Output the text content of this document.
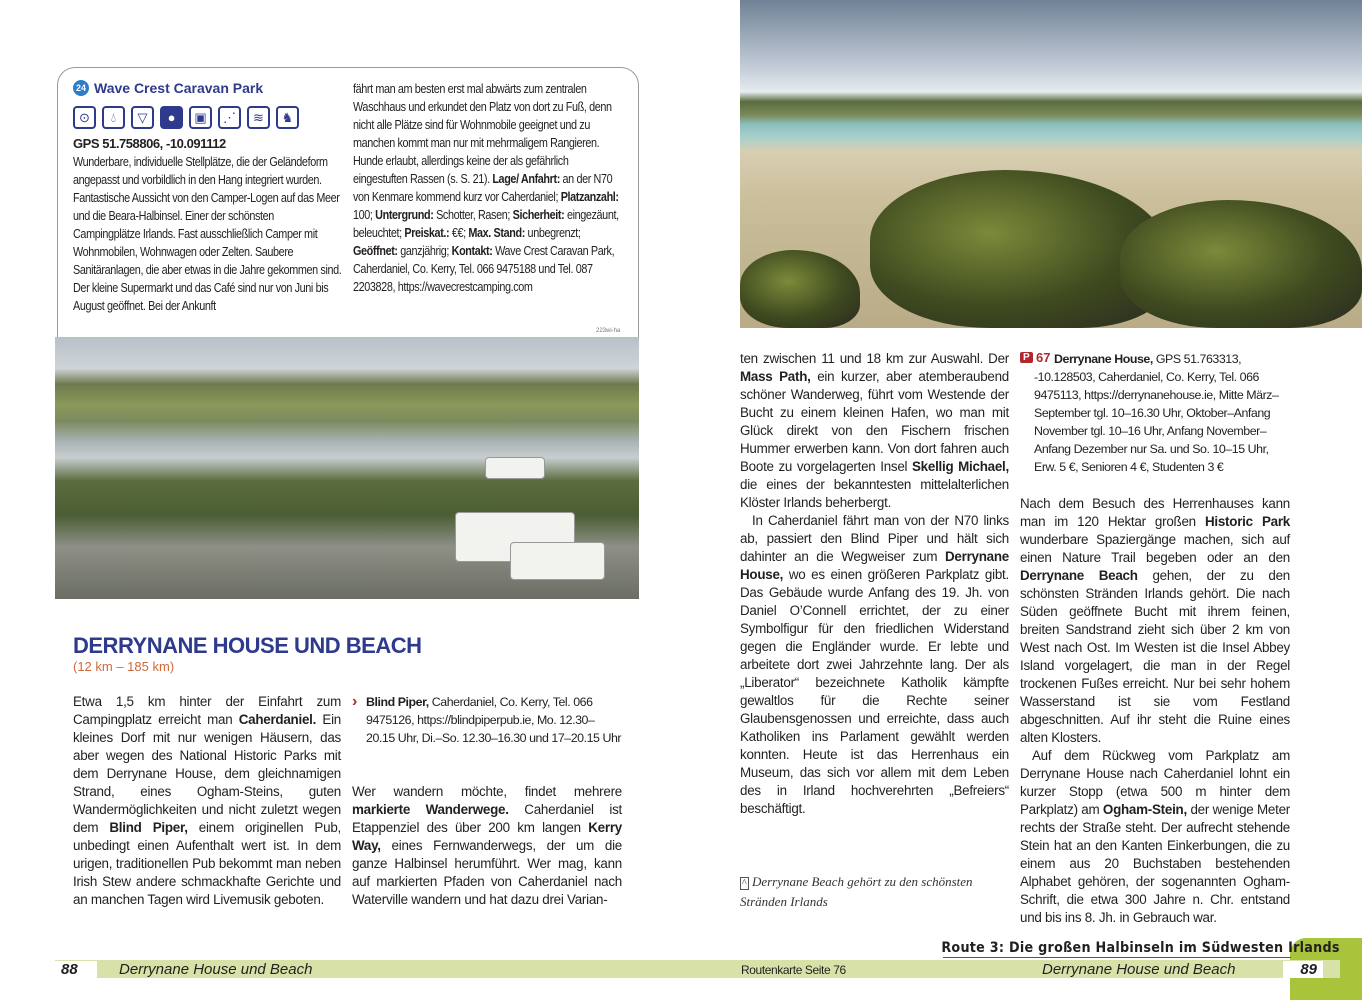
24 Wave Crest Caravan Park
⊙	💧︎	▽	●	▣	⋰	≋	♞
GPS 51.758806, -10.091112
Wunderbare, individuelle Stellplätze, die der Geländeform angepasst und vorbildlich in den Hang integriert wurden. Fantastische Aussicht von den Camper-Logen auf das Meer und die Beara-Halbinsel. Einer der schönsten Campingplätze Irlands. Fast ausschließlich Camper mit Wohnmobilen, Wohnwagen oder Zelten. Saubere Sanitäranlagen, die aber etwas in die Jahre gekommen sind. Der kleine Supermarkt und das Café sind nur von Juni bis August geöffnet. Bei der Ankunft
fährt man am besten erst mal abwärts zum zentralen Waschhaus und erkundet den Platz von dort zu Fuß, denn nicht alle Plätze sind für Wohnmobile geeignet und zu manchen kommt man nur mit mehrmaligem Rangieren. Hunde erlaubt, allerdings keine der als gefährlich eingestuften Rassen (s. S. 21). Lage/ Anfahrt: an der N70 von Kenmare kommend kurz vor Caherdaniel; Platzanzahl: 100; Untergrund: Schotter, Rasen; Sicherheit: eingezäunt, beleuchtet; Preiskat.: €€; Max. Stand: unbegrenzt; Geöffnet: ganzjährig; Kontakt: Wave Crest Caravan Park, Caherdaniel, Co. Kerry, Tel. 066 9475188 und Tel. 087 2203828, https://wavecrestcamping.com
223wi-ha
DERRYNANE HOUSE UND BEACH
(12 km – 185 km)
Etwa 1,5 km hinter der Einfahrt zum Campingplatz erreicht man Caherdaniel. Ein kleines Dorf mit nur wenigen Häusern, das aber wegen des National Historic Parks mit dem Derrynane House, dem gleichnamigen Strand, eines Ogham-Steins, guten Wandermöglichkeiten und nicht zuletzt wegen dem Blind Piper, einem originellen Pub, unbedingt einen Aufenthalt wert ist. In dem urigen, traditionellen Pub bekommt man neben Irish Stew andere schmackhafte Gerichte und an manchen Tagen wird Livemusik geboten.
› Blind Piper, Caherdaniel, Co. Kerry, Tel. 066 9475126, https://blindpiperpub.ie, Mo. 12.30–20.15 Uhr, Di.–So. 12.30–16.30 und 17–20.15 Uhr
Wer wandern möchte, findet mehrere markierte Wanderwege. Caherdaniel ist Etappenziel des über 200 km langen Kerry Way, eines Fernwanderwegs, der um die ganze Halbinsel herumführt. Wer mag, kann auf markierten Pfaden von Caherdaniel nach Waterville wandern und hat dazu drei Varian-
ten zwischen 11 und 18 km zur Auswahl. Der Mass Path, ein kurzer, aber atemberaubend schöner Wanderweg, führt vom Westende der Bucht zu einem kleinen Hafen, wo man mit Glück direkt von den Fischern frischen Hummer erwerben kann. Von dort fahren auch Boote zu vorgelagerten Insel Skellig Michael, die eines der bekanntesten mittelalterlichen Klöster Irlands beherbergt.
In Caherdaniel fährt man von der N70 links ab, passiert den Blind Piper und hält sich dahinter an die Wegweiser zum Derrynane House, wo es einen größeren Parkplatz gibt. Das Gebäude wurde Anfang des 19. Jh. von Daniel O’Connell errichtet, der zu einer Symbolfigur für den friedlichen Widerstand gegen die Engländer wurde. Er lebte und arbeitete dort zwei Jahrzehnte lang. Der als „Liberator“ bezeichnete Katholik kämpfte gewaltlos für die Rechte seiner Glaubensgenossen und erreichte, dass auch Katholiken ins Parlament gewählt werden konnten. Heute ist das Herrenhaus ein Museum, das sich vor allem mit dem Leben des in Irland hochverehrten „Befreiers“ beschäftigt.
^ Derrynane Beach gehört zu den schönsten Stränden Irlands
P 67 Derrynane House, GPS 51.763313, -10.128503, Caherdaniel, Co. Kerry, Tel. 066 9475113, https://derrynanehouse.ie, Mitte März–September tgl. 10–16.30 Uhr, Oktober–Anfang November tgl. 10–16 Uhr, Anfang November–Anfang Dezember nur Sa. und So. 10–15 Uhr, Erw. 5 €, Senioren 4 €, Studenten 3 €
Nach dem Besuch des Herrenhauses kann man im 120 Hektar großen Historic Park wunderbare Spaziergänge machen, sich auf einen Nature Trail begeben oder an den Derrynane Beach gehen, der zu den schönsten Stränden Irlands gehört. Die nach Süden geöffnete Bucht mit ihrem feinen, breiten Sandstrand zieht sich über 2 km von West nach Ost. Im Westen ist die Insel Abbey Island vorgelagert, die man in der Regel trockenen Fußes erreicht. Nur bei sehr hohem Wasserstand ist sie vom Festland abgeschnitten. Auf ihr steht die Ruine eines alten Klosters.
Auf dem Rückweg vom Parkplatz am Derrynane House nach Caherdaniel lohnt ein kurzer Stopp (etwa 500 m hinter dem Parkplatz) am Ogham-Stein, der wenige Meter rechts der Straße steht. Der aufrecht stehende Stein hat an den Kanten Einkerbungen, die zu einem aus 20 Buchstaben bestehenden Alphabet gehören, der sogenannten Ogham-Schrift, die etwa 300 Jahre n. Chr. entstand und bis ins 8. Jh. in Gebrauch war.
Route 3: Die großen Halbinseln im Südwesten Irlands
88	Derrynane House und Beach	Routenkarte Seite 76	Derrynane House und Beach	89
